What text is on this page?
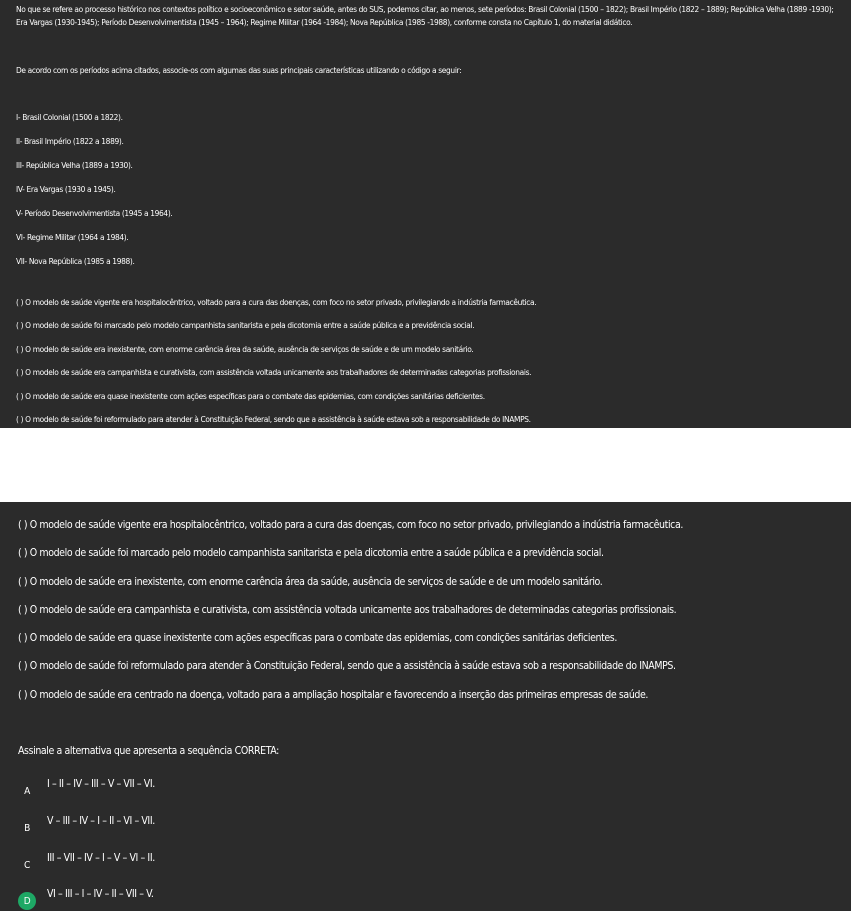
No que se refere ao processo histórico nos contextos político e socioeconômico e setor saúde, antes do SUS, podemos citar, ao menos, sete períodos: Brasil Colonial (1500 – 1822); Brasil Império (1822 – 1889); República Velha (1889 -1930); Era Vargas (1930-1945); Período Desenvolvimentista (1945 – 1964); Regime Militar (1964 -1984); Nova República (1985 -1988), conforme consta no Capítulo 1, do material didático.

De acordo com os períodos acima citados, associe-os com algumas das suas principais características utilizando o código a seguir:

I- Brasil Colonial (1500 a 1822).
II- Brasil Império (1822 a 1889).
III- República Velha (1889 a 1930).
IV- Era Vargas (1930 a 1945).
V- Período Desenvolvimentista (1945 a 1964).
VI- Regime Militar (1964 a 1984).
VII- Nova República (1985 a 1988).
( ) O modelo de saúde vigente era hospitalocêntrico, voltado para a cura das doenças, com foco no setor privado, privilegiando a indústria farmacêutica.
( ) O modelo de saúde foi marcado pelo modelo campanhista sanitarista e pela dicotomia entre a saúde pública e a previdência social.
( ) O modelo de saúde era inexistente, com enorme carência área da saúde, ausência de serviços de saúde e de um modelo sanitário.
( ) O modelo de saúde era campanhista e curativista, com assistência voltada unicamente aos trabalhadores de determinadas categorias profissionais.
( ) O modelo de saúde era quase inexistente com ações específicas para o combate das epidemias, com condições sanitárias deficientes.
( ) O modelo de saúde foi reformulado para atender à Constituição Federal, sendo que a assistência à saúde estava sob a responsabilidade do INAMPS.
( ) O modelo de saúde vigente era hospitalocêntrico, voltado para a cura das doenças, com foco no setor privado, privilegiando a indústria farmacêutica.
( ) O modelo de saúde foi marcado pelo modelo campanhista sanitarista e pela dicotomia entre a saúde pública e a previdência social.
( ) O modelo de saúde era inexistente, com enorme carência área da saúde, ausência de serviços de saúde e de um modelo sanitário.
( ) O modelo de saúde era campanhista e curativista, com assistência voltada unicamente aos trabalhadores de determinadas categorias profissionais.
( ) O modelo de saúde era quase inexistente com ações específicas para o combate das epidemias, com condições sanitárias deficientes.
( ) O modelo de saúde foi reformulado para atender à Constituição Federal, sendo que a assistência à saúde estava sob a responsabilidade do INAMPS.
( ) O modelo de saúde era centrado na doença, voltado para a ampliação hospitalar e favorecendo a inserção das primeiras empresas de saúde.
Assinale a alternativa que apresenta a sequência CORRETA:
A
I – II – IV – III – V – VII – VI.
B
V – III – IV – I – II – VI – VII.
C
III – VII – IV – I – V – VI – II.
D
VI – III – I – IV – II – VII – V.
